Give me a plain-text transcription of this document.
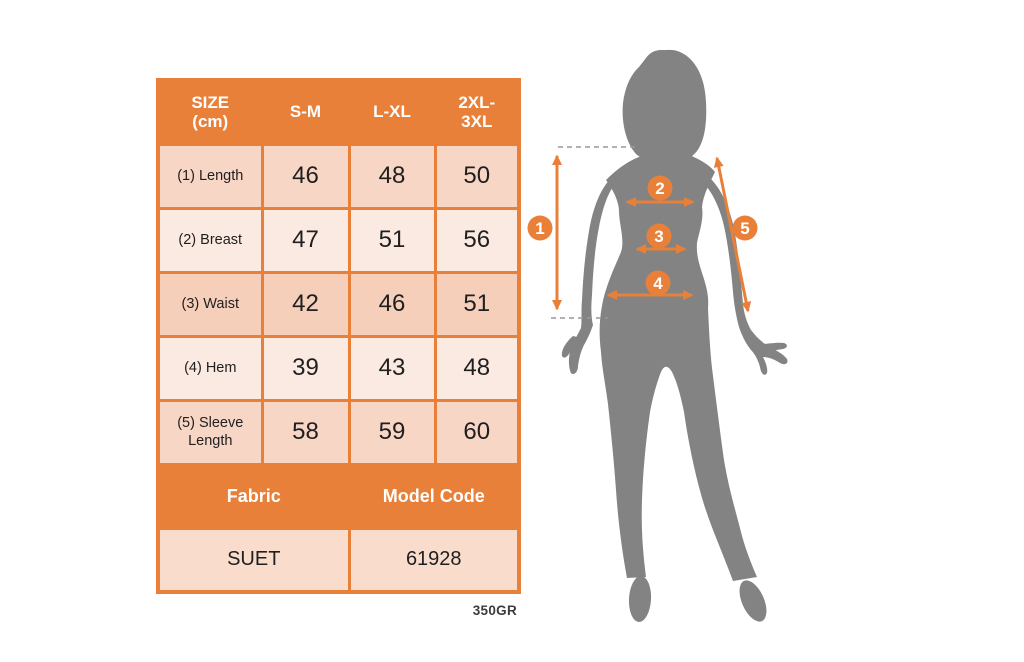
SIZE (cm)	S-M	L-XL	2XL-3XL
(1) Length	46	48	50
(2) Breast	47	51	56
(3) Waist	42	46	51
(4) Hem	39	43	48
(5) Sleeve Length	58	59	60
Fabric		Model Code	
SUET		61928	
350GR
1
2
3
4
5
